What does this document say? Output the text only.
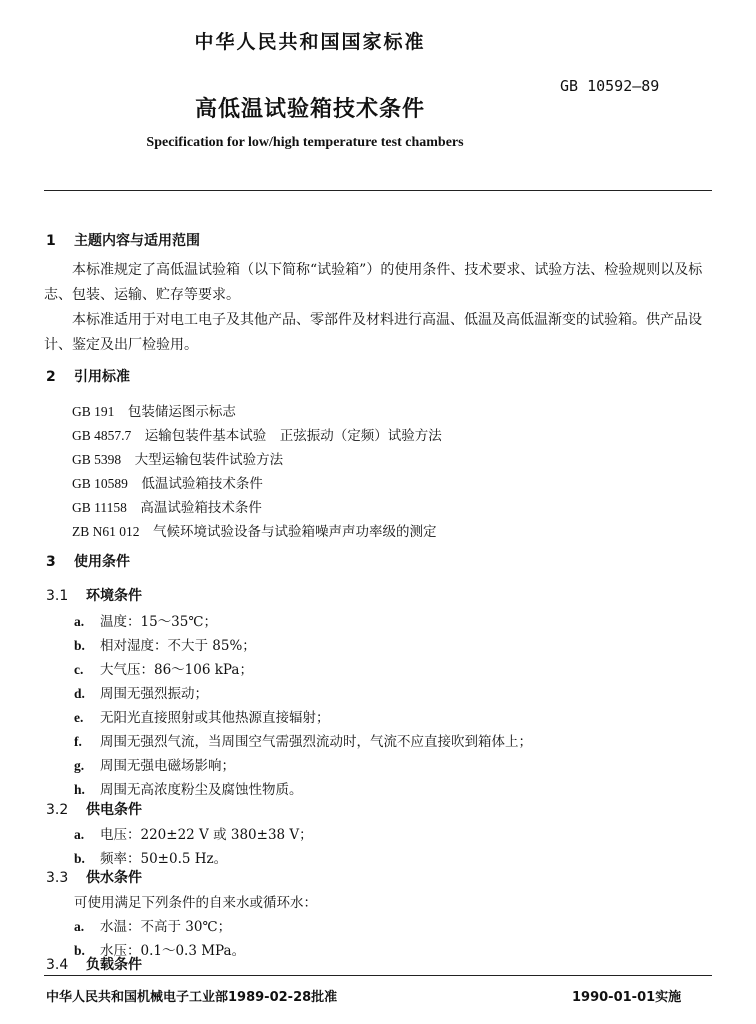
中华人民共和国国家标准
GB 10592—89
高低温试验箱技术条件
Specification for low/high temperature test chambers
1 主题内容与适用范围
本标准规定了高低温试验箱（以下简称“试验箱”）的使用条件、技术要求、试验方法、检验规则以及标志、包装、运输、贮存等要求。
本标准适用于对电工电子及其他产品、零部件及材料进行高温、低温及高低温渐变的试验箱。供产品设计、鉴定及出厂检验用。
2 引用标准
GB 191　 包装储运图示标志
GB 4857.7　 运输包装件基本试验　正弦振动（定频）试验方法
GB 5398　 大型运输包装件试验方法
GB 10589　 低温试验箱技术条件
GB 11158　 高温试验箱技术条件
ZB N61 012　 气候环境试验设备与试验箱噪声声功率级的测定
3 使用条件
3.1 环境条件
a. 温度：15～35℃；
b. 相对湿度：不大于 85%；
c. 大气压：86～106 kPa；
d. 周围无强烈振动；
e. 无阳光直接照射或其他热源直接辐射；
f. 周围无强烈气流，当周围空气需强烈流动时，气流不应直接吹到箱体上；
g. 周围无强电磁场影响；
h. 周围无高浓度粉尘及腐蚀性物质。
3.2 供电条件
a. 电压：220±22 V 或 380±38 V；
b. 频率：50±0.5 Hz。
3.3 供水条件
可使用满足下列条件的自来水或循环水：
a. 水温：不高于 30℃；
b. 水压：0.1～0.3 MPa。
3.4 负载条件
中华人民共和国机械电子工业部1989-02-28批准	1990-01-01实施
